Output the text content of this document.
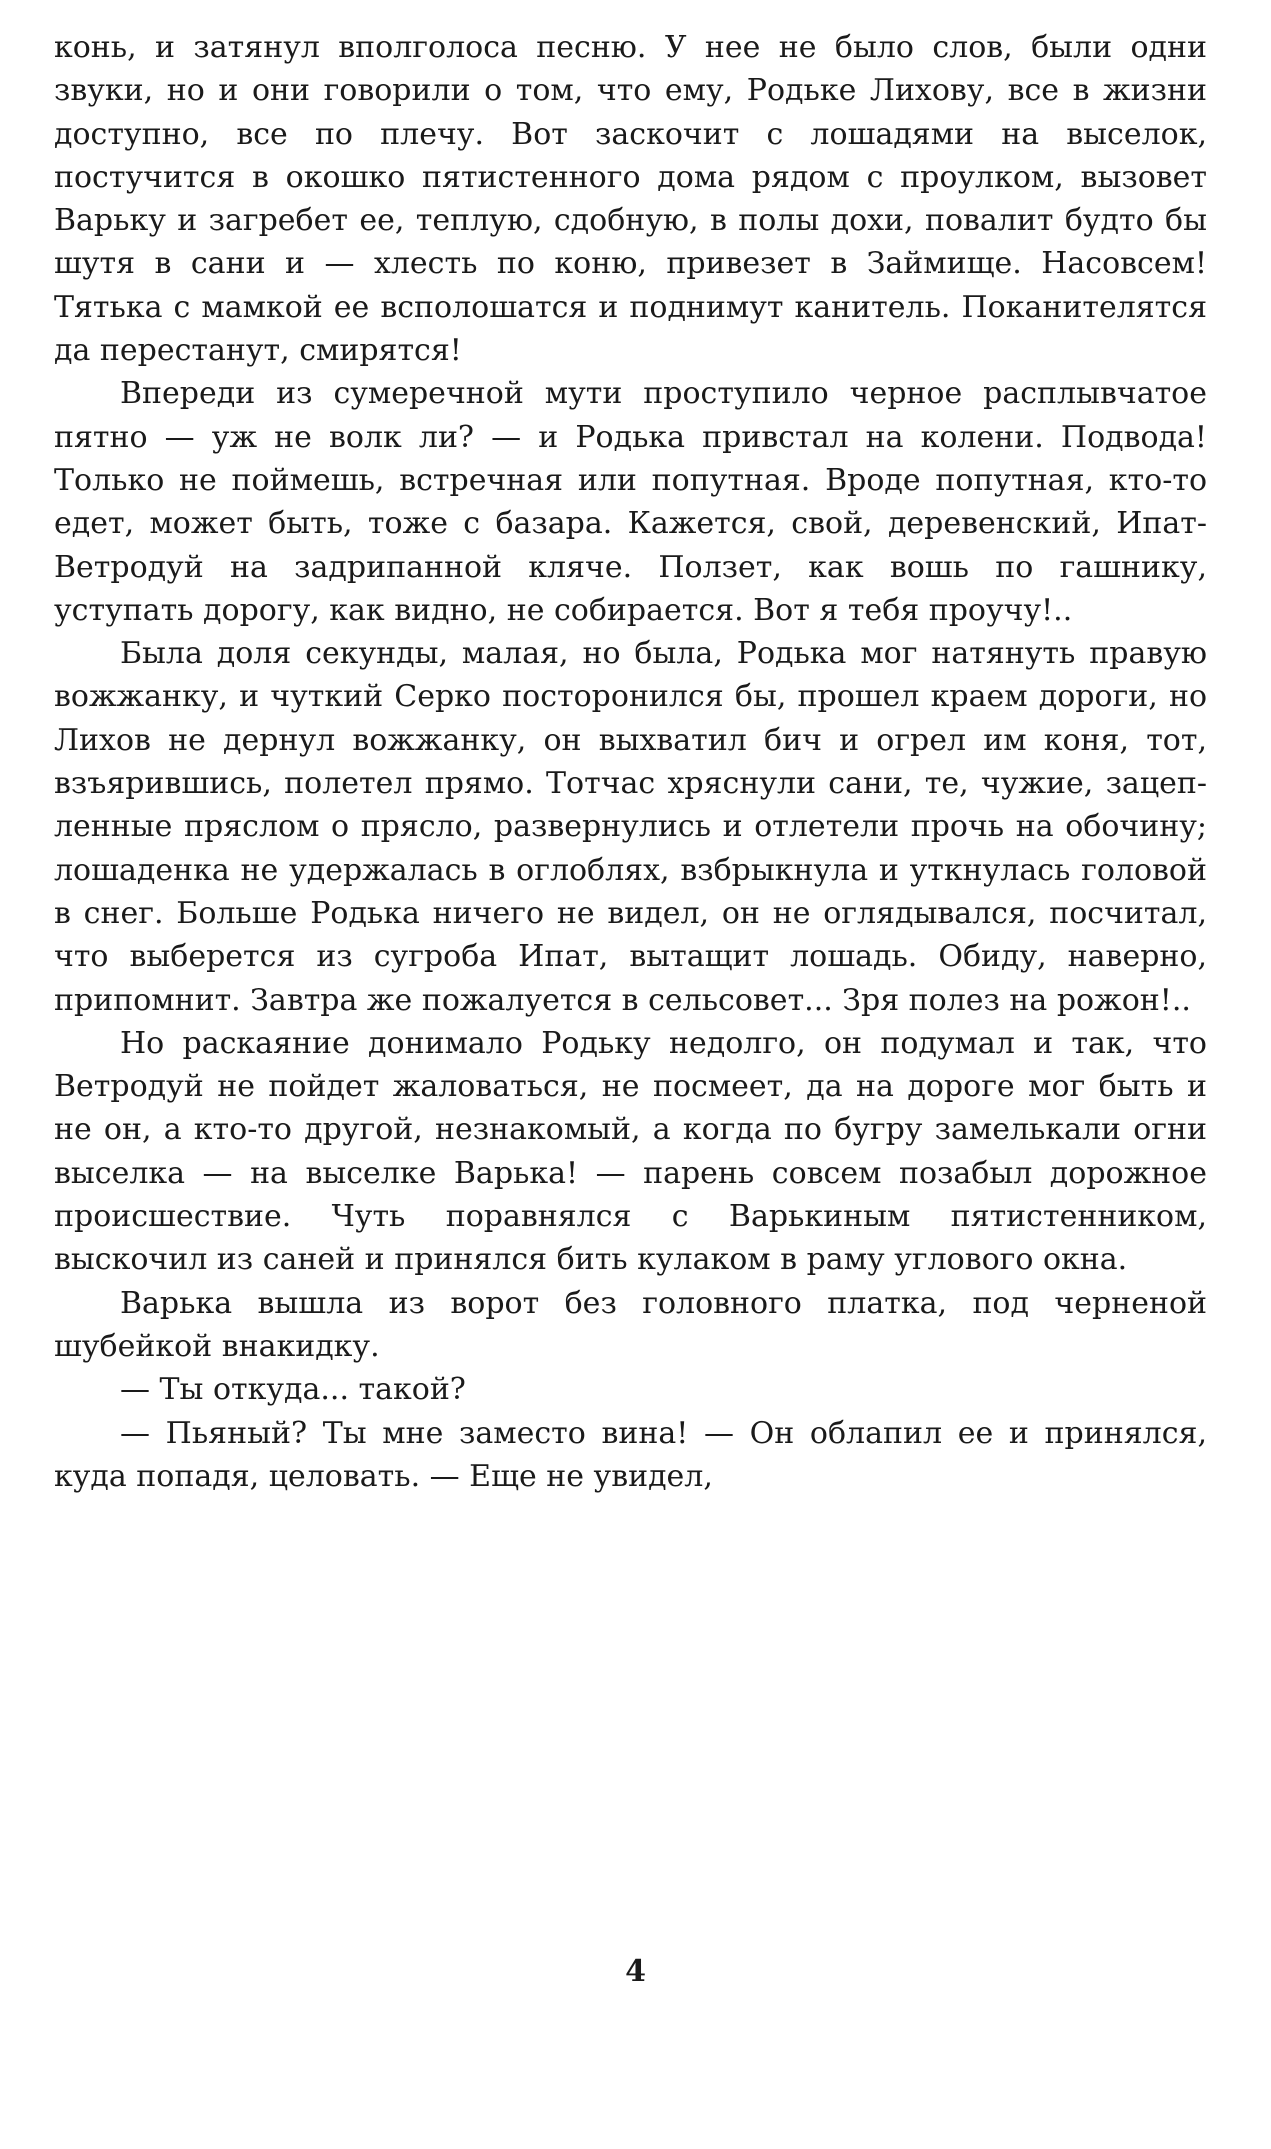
конь, и затянул вполголоса песню. У нее не было слов, были одни звуки, но и они говорили о том, что ему, Родьке Лихову, все в жизни доступно, все по плечу. Вот заскочит с лошадями на выселок, постучится в окошко пятистенного дома рядом с проулком, вызовет Варьку и загребет ее, теплую, сдобную, в полы дохи, повалит будто бы шутя в сани и — хлесть по коню, привезет в Займище. Насовсем! Тятька с мамкой ее всполошатся и поднимут канитель. Поканителятся да перестанут, смирятся!

Впереди из сумеречной мути проступило черное расплывчатое пятно — уж не волк ли? — и Родька привстал на колени. Подвода! Только не поймешь, встречная или попутная. Вроде попутная, кто-то едет, может быть, тоже с базара. Кажется, свой, деревенский, Ипат-Ветродуй на задрипанной кляче. Ползет, как вошь по гашнику, уступать дорогу, как видно, не собирается. Вот я тебя проучу!..

Была доля секунды, малая, но была, Родька мог натянуть правую вожжанку, и чуткий Серко посторонился бы, прошел краем дороги, но Лихов не дернул вожжанку, он выхватил бич и огрел им коня, тот, взъярившись, полетел прямо. Тотчас хряснули сани, те, чужие, зацепленные пряслом о прясло, развернулись и отлетели прочь на обочину; лошаденка не удержалась в оглоблях, взбрыкнула и уткнулась головой в снег. Больше Родька ничего не видел, он не оглядывался, посчитал, что выберется из сугроба Ипат, вытащит лошадь. Обиду, наверно, припомнит. Завтра же пожалуется в сельсовет... Зря полез на рожон!..

Но раскаяние донимало Родьку недолго, он подумал и так, что Ветродуй не пойдет жаловаться, не посмеет, да на дороге мог быть и не он, а кто-то другой, незнакомый, а когда по бугру замелькали огни выселка — на выселке Варька! — парень совсем позабыл дорожное происшествие. Чуть поравнялся с Варькиным пятистенником, выскочил из саней и принялся бить кулаком в раму углового окна.

Варька вышла из ворот без головного платка, под черненой шубейкой внакидку.

— Ты откуда... такой?

— Пьяный? Ты мне заместо вина! — Он облапил ее и принялся, куда попадя, целовать. — Еще не увидел,

4
